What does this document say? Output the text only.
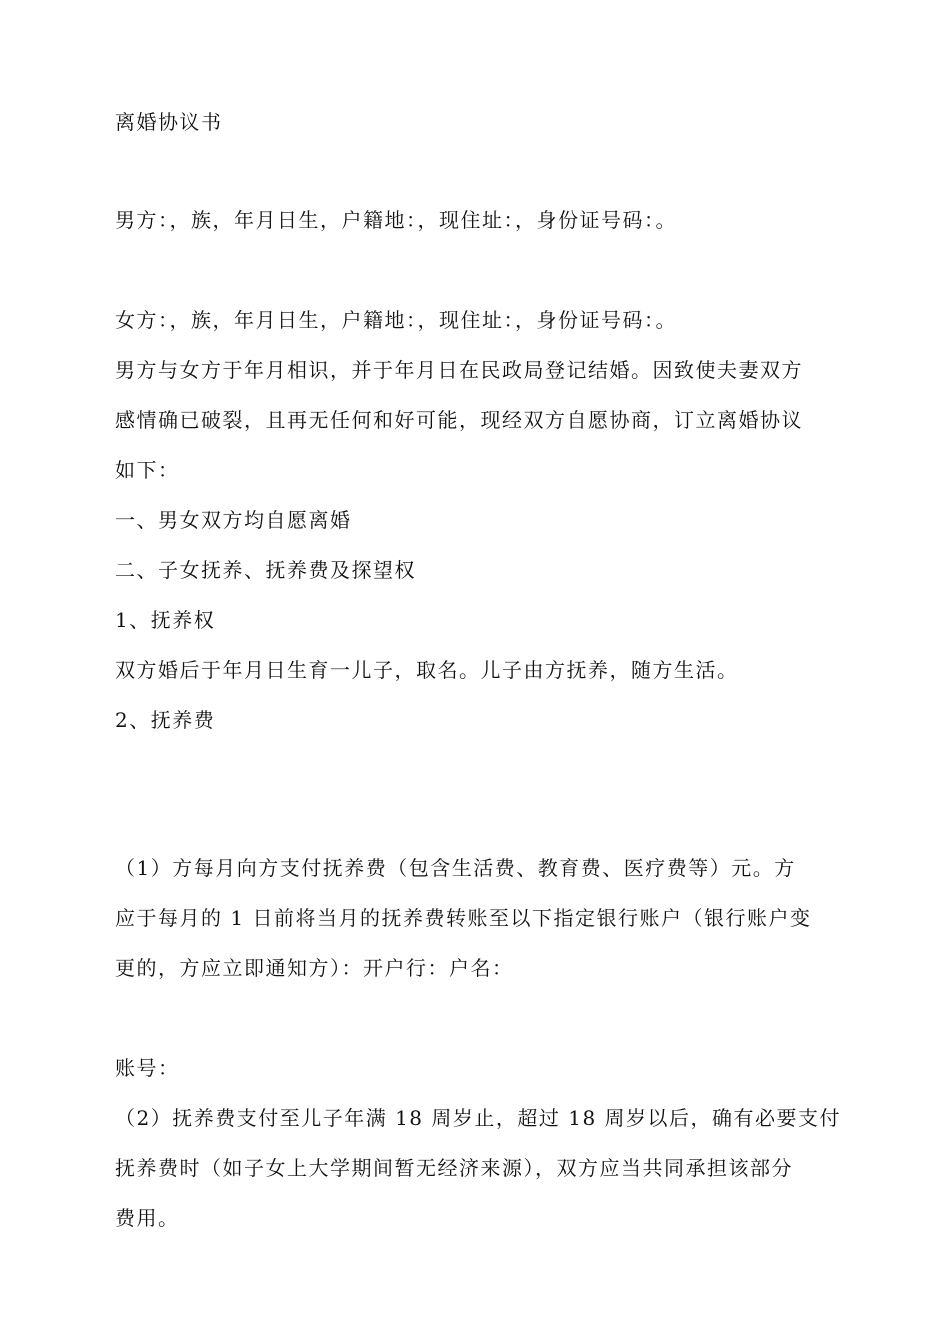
离婚协议书
男方：，族，年月日生，户籍地：，现住址：，身份证号码：。
女方：，族，年月日生，户籍地：，现住址：，身份证号码：。
男方与女方于年月相识，并于年月日在民政局登记结婚。因致使夫妻双方
感情确已破裂，且再无任何和好可能，现经双方自愿协商，订立离婚协议
如下：
一、男女双方均自愿离婚
二、子女抚养、抚养费及探望权
1、抚养权
双方婚后于年月日生育一儿子，取名。儿子由方抚养，随方生活。
2、抚养费
（1）方每月向方支付抚养费（包含生活费、教育费、医疗费等）元。方
应于每月的 1 日前将当月的抚养费转账至以下指定银行账户（银行账户变
更的，方应立即通知方）：开户行：户名：
账号：
（2）抚养费支付至儿子年满 18 周岁止，超过 18 周岁以后，确有必要支付
抚养费时（如子女上大学期间暂无经济来源），双方应当共同承担该部分
费用。
